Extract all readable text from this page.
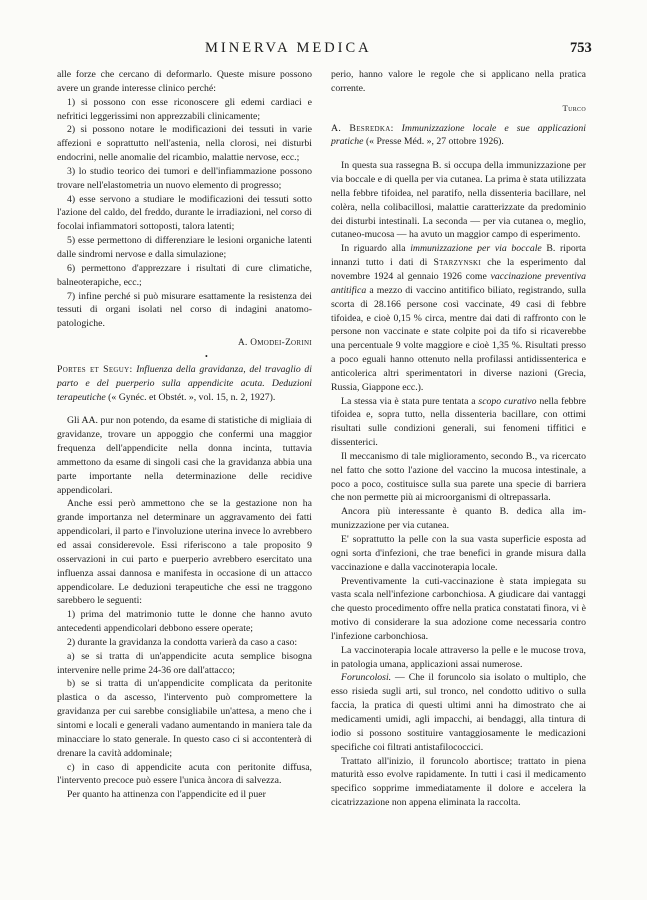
MINERVA MEDICA	753

alle forze che cercano di deformarlo. Queste misure possono avere un grande interesse clinico perché:

1) si possono con esse riconoscere gli edemi cardiaci e nefritici leggerissimi non apprezzabili clinicamente;

2) si possono notare le modificazioni dei tessuti in varie affezioni e soprattutto nell'astenia, nella clorosi, nei disturbi endocrini, nelle anomalie del ricambio, malattie nervose, ecc.;

3) lo studio teorico dei tumori e dell'infiammazione possono trovare nell'elastometria un nuovo elemento di progresso;

4) esse servono a studiare le modificazioni dei tessuti sotto l'azione del caldo, del freddo, durante le irradiazioni, nel corso di focolai infiammatori sottoposti, talora latenti;

5) esse permettono di differenziare le lesioni organiche latenti dalle sindromi nervose e dalla simulazione;

6) permettono d'apprezzare i risultati di cure climatiche, balneoterapiche, ecc.;

7) infine perché si può misurare esattamente la resistenza dei tessuti di organi isolati nel corso di indagini anatomo-patologiche.

A. Omodei-Zorini

Portes et Seguy: Influenza della gravidanza, del travaglio di parto e del puerperio sulla appendicite acuta. Deduzioni terapeutiche (« Gynéc. et Obstét. », vol. 15, n. 2, 1927).

Gli AA. pur non potendo, da esame di statistiche di migliaia di gravidanze, trovare un appoggio che confermi una maggior frequenza dell'appendicite nella donna incinta, tuttavia ammettono da esame di singoli casi che la gravidanza abbia una parte importante nella determinazione delle recidive appendicolari.

Anche essi però ammettono che se la gestazione non ha grande importanza nel determinare un aggravamento dei fatti appendicolari, il parto e l'involuzione uterina invece lo avrebbero ed assai considerevole. Essi riferiscono a tale proposito 9 osservazioni in cui parto e puerperio avrebbero esercitato una influenza assai dannosa e manifesta in occasione di un attacco appendicolare. Le deduzioni terapeutiche che essi ne traggono sarebbero le seguenti:

1) prima del matrimonio tutte le donne che hanno avuto antecedenti appendicolari debbono essere operate;

2) durante la gravidanza la condotta varierà da caso a caso:

a) se si tratta di un'appendicite acuta semplice bisogna intervenire nelle prime 24-36 ore dall'attacco;

b) se si tratta di un'appendicite complicata da peritonite plastica o da ascesso, l'intervento può compromettere la gravidanza per cui sarebbe consigliabile un'attesa, a meno che i sintomi e locali e generali vadano aumentando in maniera tale da minacciare lo stato generale. In questo caso ci si accontenterà di drenare la cavità addominale;

c) in caso di appendicite acuta con peritonite diffusa, l'intervento precoce può essere l'unica àncora di salvezza.

Per quanto ha attinenza con l'appendicite ed il puer

perio, hanno valore le regole che si applicano nella pratica corrente.

Turco

A. Besredka: Immunizzazione locale e sue applicazioni pratiche (« Presse Méd. », 27 ottobre 1926).

In questa sua rassegna B. si occupa della immunizzazione per via boccale e di quella per via cutanea. La prima è stata utilizzata nella febbre tifoidea, nel paratifo, nella dissenteria bacillare, nel colèra, nella colibacillosi, malattie caratterizzate da predominio dei disturbi intestinali. La seconda — per via cutanea o, meglio, cutaneo-mucosa — ha avuto un maggior campo di esperimento.

In riguardo alla immunizzazione per via boccale B. riporta innanzi tutto i dati di Starzynski che la esperimento dal novembre 1924 al gennaio 1926 come vaccinazione preventiva antitifica a mezzo di vaccino antitifico biliato, registrando, sulla scorta di 28.166 persone così vaccinate, 49 casi di febbre tifoidea, e cioè 0,15 % circa, mentre dai dati di raffronto con le persone non vaccinate e state colpite poi da tifo si ricaverebbe una percentuale 9 volte maggiore e cioè 1,35 %. Risultati presso a poco eguali hanno ottenuto nella profilassi antidissenterica e anticolerica altri sperimentatori in diverse nazioni (Grecia, Russia, Giappone ecc.).

La stessa via è stata pure tentata a scopo curativo nella febbre tifoidea e, sopra tutto, nella dissenteria bacillare, con ottimi risultati sulle condizioni generali, sui fenomeni tiffitici e dissenterici.

Il meccanismo di tale miglioramento, secondo B., va ricercato nel fatto che sotto l'azione del vaccino la mucosa intestinale, a poco a poco, costituisce sulla sua parete una specie di barriera che non permette più ai microorganismi di oltrepassarla.

Ancora più interessante è quanto B. dedica alla immunizzazione per via cutanea.

E' soprattutto la pelle con la sua vasta superficie esposta ad ogni sorta d'infezioni, che trae benefici in grande misura dalla vaccinazione e dalla vaccinoterapia locale.

Preventivamente la cuti-vaccinazione è stata impiegata su vasta scala nell'infezione carbonchiosa. A giudicare dai vantaggi che questo procedimento offre nella pratica constatati finora, vi è motivo di considerare la sua adozione come necessaria contro l'infezione carbonchiosa.

La vaccinoterapia locale attraverso la pelle e le mucose trova, in patologia umana, applicazioni assai numerose.

Foruncolosi. — Che il foruncolo sia isolato o multiplo, che esso risieda sugli arti, sul tronco, nel condotto uditivo o sulla faccia, la pratica di questi ultimi anni ha dimostrato che ai medicamenti umidi, agli impacchi, ai bendaggi, alla tintura di iodio si possono sostituire vantaggiosamente le medicazioni specifiche coi filtrati antistafilococcici.

Trattato all'inizio, il foruncolo abortisce; trattato in piena maturità esso evolve rapidamente. In tutti i casi il medicamento specifico sopprime immediatamente il dolore e accelera la cicatrizzazione non appena eliminata la raccolta.

•
